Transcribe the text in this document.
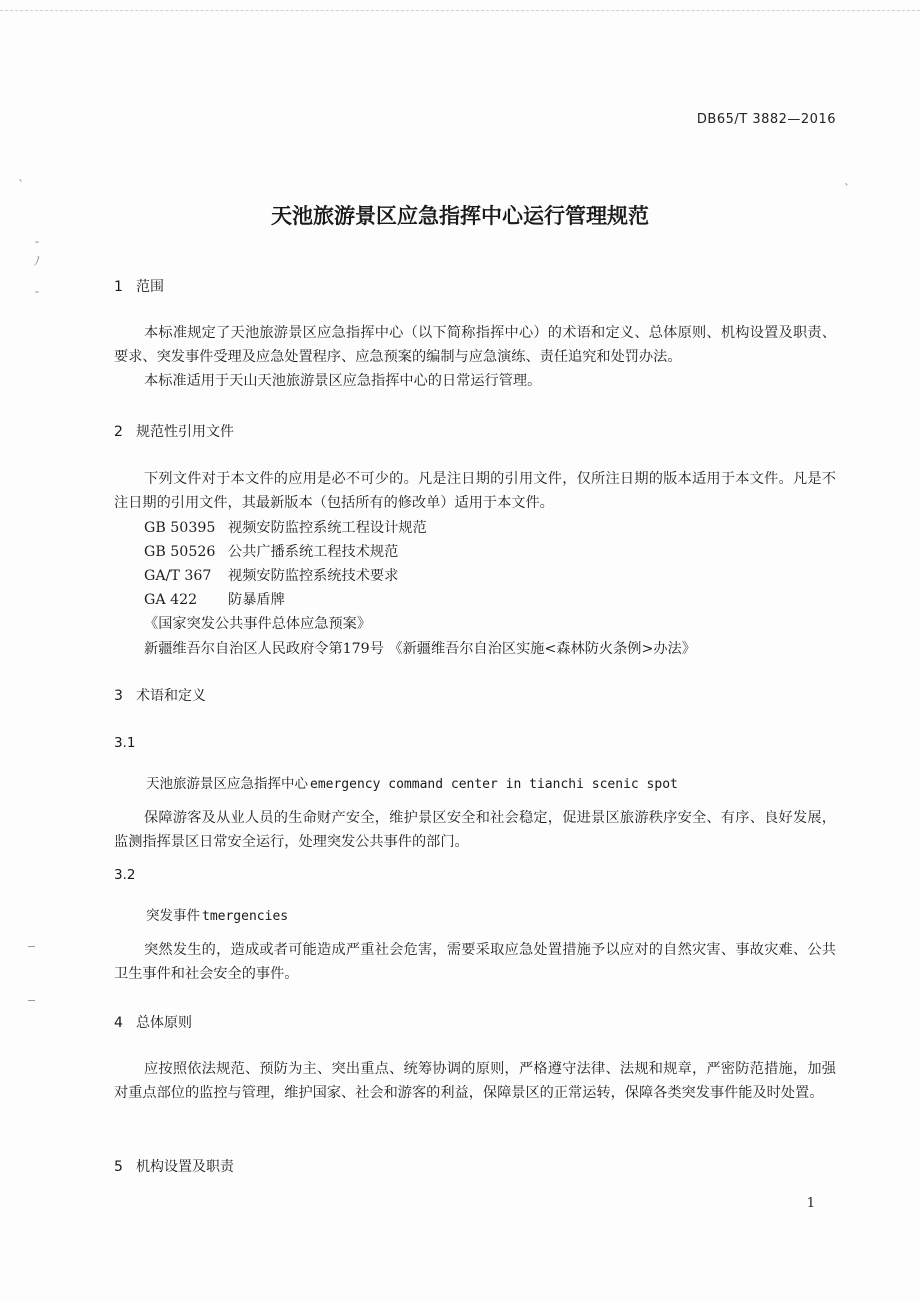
ˋ
ˉ
ﾉ
ˉ
ˋ
DB65/T 3882—2016
天池旅游景区应急指挥中心运行管理规范
1 范围
本标准规定了天池旅游景区应急指挥中心（以下简称指挥中心）的术语和定义、总体原则、机构设置及职责、要求、突发事件受理及应急处置程序、应急预案的编制与应急演练、责任追究和处罚办法。
本标准适用于天山天池旅游景区应急指挥中心的日常运行管理。
2 规范性引用文件
下列文件对于本文件的应用是必不可少的。凡是注日期的引用文件，仅所注日期的版本适用于本文件。凡是不注日期的引用文件，其最新版本（包括所有的修改单）适用于本文件。
GB 50395 视频安防监控系统工程设计规范
GB 50526 公共广播系统工程技术规范
GA/T 367 视频安防监控系统技术要求
GA 422 防暴盾牌
《国家突发公共事件总体应急预案》
新疆维吾尔自治区人民政府令第179号 《新疆维吾尔自治区实施<森林防火条例>办法》
3 术语和定义
3.1
天池旅游景区应急指挥中心 emergency command center in tianchi scenic spot
保障游客及从业人员的生命财产安全，维护景区安全和社会稳定，促进景区旅游秩序安全、有序、良好发展，监测指挥景区日常安全运行，处理突发公共事件的部门。
3.2
突发事件 tmergencies
突然发生的，造成或者可能造成严重社会危害，需要采取应急处置措施予以应对的自然灾害、事故灾难、公共卫生事件和社会安全的事件。
4 总体原则
应按照依法规范、预防为主、突出重点、统筹协调的原则，严格遵守法律、法规和规章，严密防范措施，加强对重点部位的监控与管理，维护国家、社会和游客的利益，保障景区的正常运转，保障各类突发事件能及时处置。
5 机构设置及职责
1
